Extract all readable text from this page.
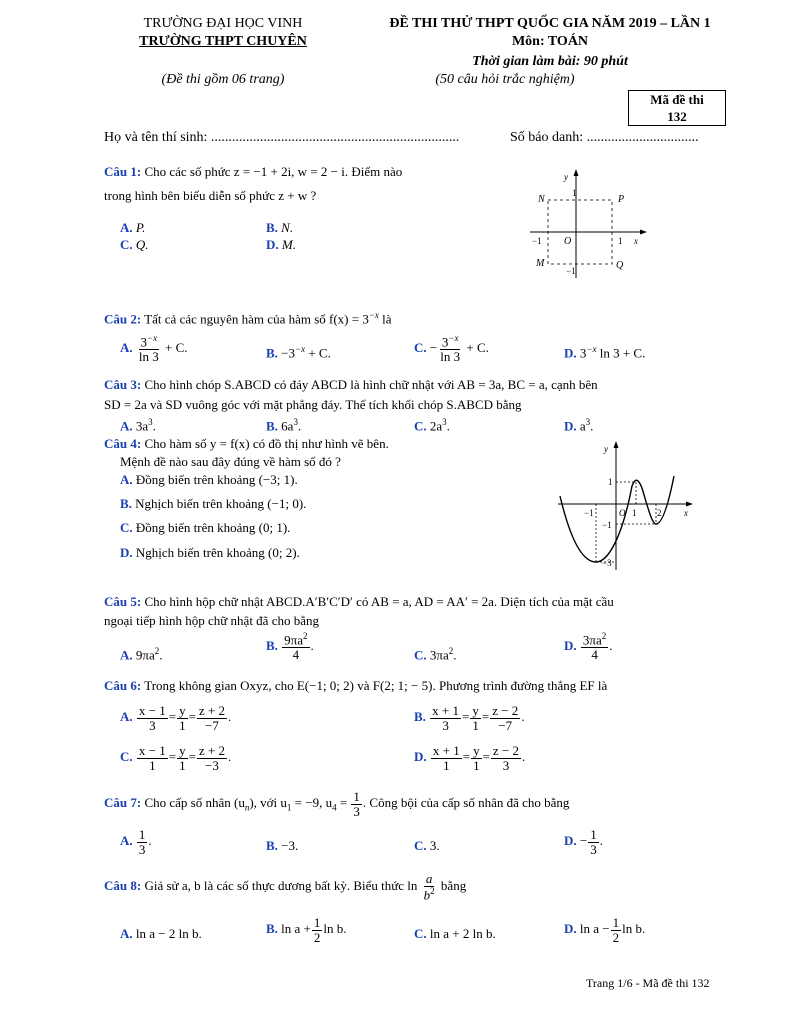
TRƯỜNG ĐẠI HỌC VINH
TRƯỜNG THPT CHUYÊN
(Đề thi gồm 06 trang)
ĐỀ THI THỬ THPT QUỐC GIA NĂM 2019 – LẦN 1
Môn: TOÁN
Thời gian làm bài: 90 phút
(50 câu hỏi trắc nghiệm)
Mã đề thi
132
Họ và tên thí sinh: .......................................................................	Số báo danh: ................................
Câu 1: Cho các số phức z = −1 + 2i, w = 2 − i. Điểm nào
trong hình bên biểu diễn số phức z + w ?
A. P.	B. N.
C. Q.	D. M.
y
1
N	P
−1 O	1 x
M
−1	Q
Câu 2: Tất cả các nguyên hàm của hàm số $f(x) = 3^{-x}$ là
A. $\frac{3^{-x}}{\ln 3} + C$.	B. $-3^{-x} + C$.	C. − $\frac{3^{-x}}{\ln 3} + C$.	D. $3^{-x}$ ln 3 + C.
Câu 3: Cho hình chóp S.ABCD có đáy ABCD là hình chữ nhật với AB = 3a, BC = a, cạnh bên
SD = 2a và SD vuông góc với mặt phẳng đáy. Thể tích khối chóp S.ABCD bằng
A. $3a^3$.	B. $6a^3$.	C. $2a^3$.	D. $a^3$.
Câu 4: Cho hàm số y = f(x) có đồ thị như hình vẽ bên.
Mệnh đề nào sau đây đúng về hàm số đó ?
A. Đồng biến trên khoảng (−3; 1).
B. Nghịch biến trên khoảng (−1; 0).
C. Đồng biến trên khoảng (0; 1).
D. Nghịch biến trên khoảng (0; 2).
y
1
−1	O 1 2	x
−1
−3
Câu 5: Cho hình hộp chữ nhật ABCD.A′B′C′D′ có AB = a, AD = AA′ = 2a. Diện tích của mặt cầu
ngoại tiếp hình hộp chữ nhật đã cho bằng
A. $9\pi a^2$.
B. $\frac{9\pi a^2}{4}$ .
C. $3\pi a^2$.
D. $\frac{3\pi a^2}{4}$ .
Câu 6: Trong không gian Oxyz, cho E(−1; 0; 2) và F(2; 1; − 5). Phương trình đường thẳng EF là
A. $\frac{x - 1}{3} = \frac{y}{1} = \frac{z + 2}{-7}$ .	B. $\frac{x + 1}{3} = \frac{y}{1} = \frac{z - 2}{-7}$ .
C. $\frac{x - 1}{1} = \frac{y}{1} = \frac{z + 2}{-3}$ .	D. $\frac{x + 1}{1} = \frac{y}{1} = \frac{z - 2}{3}$ .
Câu 7: Cho cấp số nhân $(u_n)$, với $u_1 = -9$, $u_4 = \frac{1}{3}$ . Công bội của cấp số nhân đã cho bằng
A. $\frac{1}{3}$ .	B. −3.	C. 3.	D. − $\frac{1}{3}$ .
Câu 8: Giả sử a, b là các số thực dương bất kỳ. Biểu thức $\ln \frac{a}{b^2}$ bằng
A. ln a − 2 ln b.	B. $\ln a + \frac{1}{2}$ ln b.	C. ln a + 2 ln b.	D. $\ln a - \frac{1}{2}$ ln b.
Trang 1/6 - Mã đề thi 132
